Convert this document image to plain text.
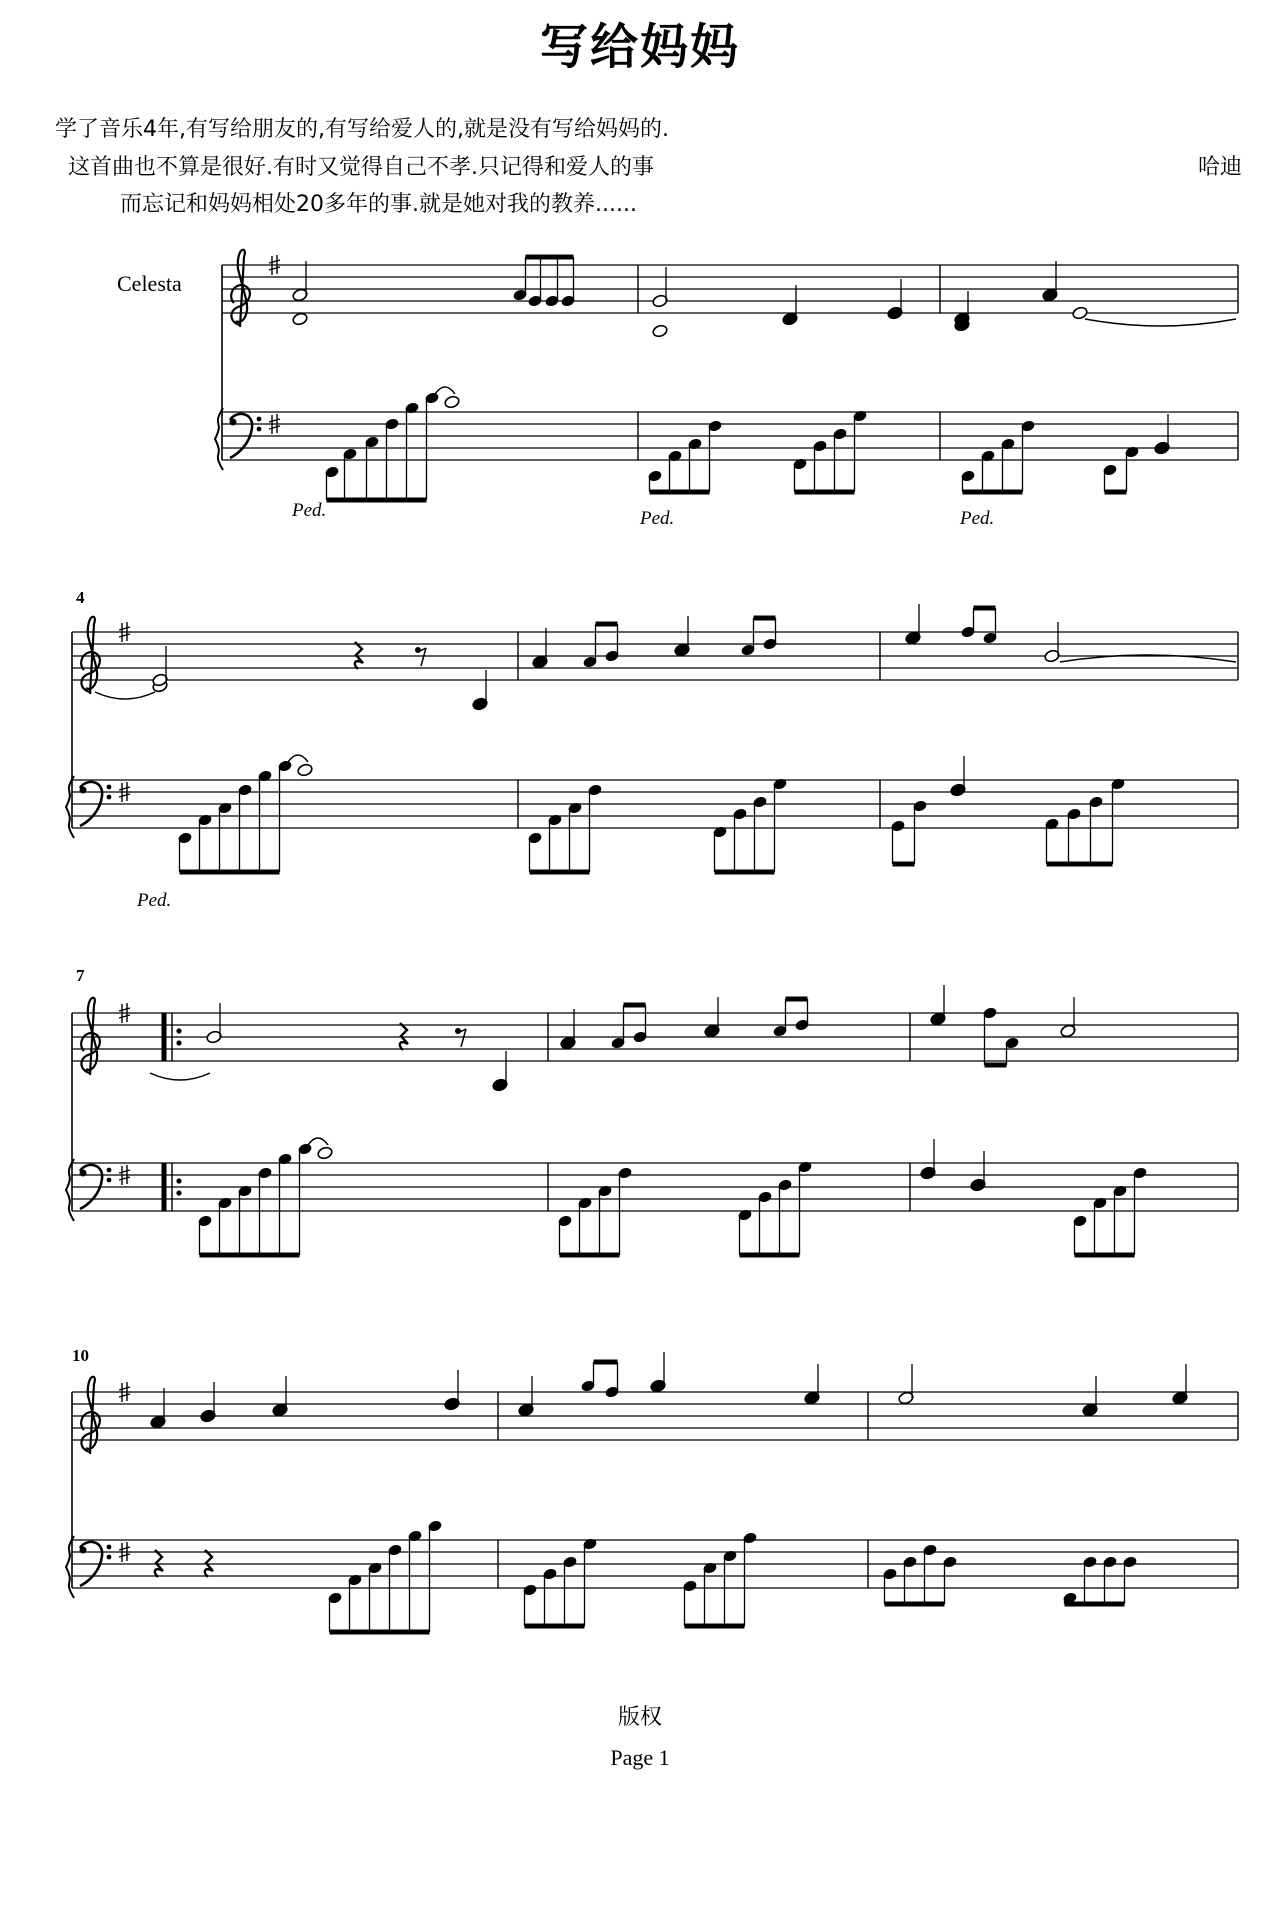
写给妈妈
学了音乐4年,有写给朋友的,有写给爱人的,就是没有写给妈妈的.
这首曲也不算是很好.有时又觉得自己不孝.只记得和爱人的事
而忘记和妈妈相处20多年的事.就是她对我的教养......
哈迪
Celesta
4
7
10
Ped.	Ped.	Ped.
Ped.
版权
Page 1
